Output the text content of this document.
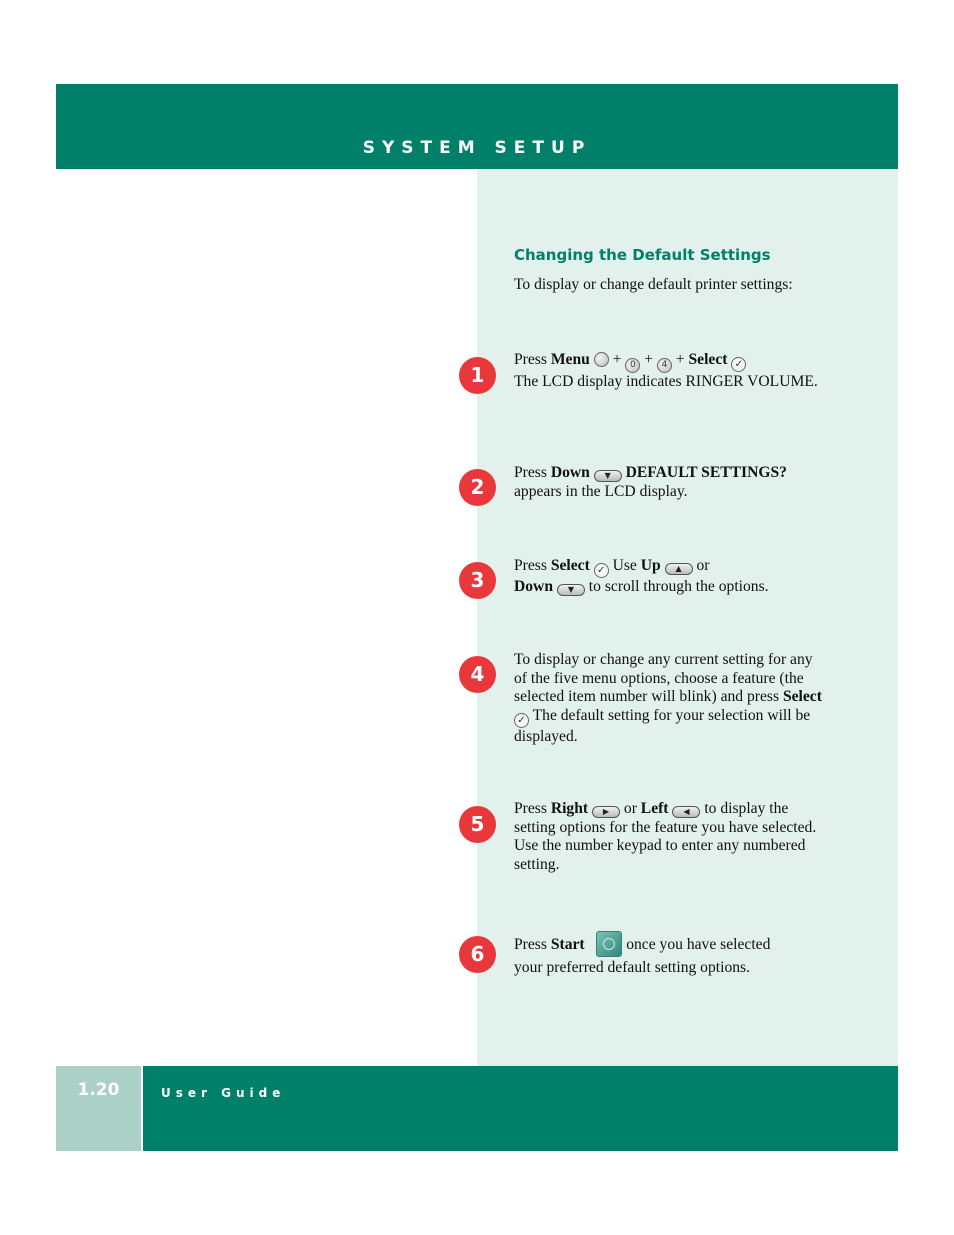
SYSTEM SETUP
Changing the Default Settings
To display or change default printer settings:
1
Press Menu  + 0 + 4 + Select ✓
The LCD display indicates RINGER VOLUME.
2
Press Down ▼ DEFAULT SETTINGS? appears in the LCD display.
3
Press Select ✓ Use Up ▲ or
Down ▼ to scroll through the options.
4
To display or change any current setting for any of the five menu options, choose a feature (the selected item number will blink) and press Select ✓ The default setting for your selection will be displayed.
5
Press Right ▶ or Left ◀ to display the setting options for the feature you have selected. Use the number keypad to enter any numbered setting.
6	Press Start    once you have selected
your preferred default setting options.
1.20	User Guide
